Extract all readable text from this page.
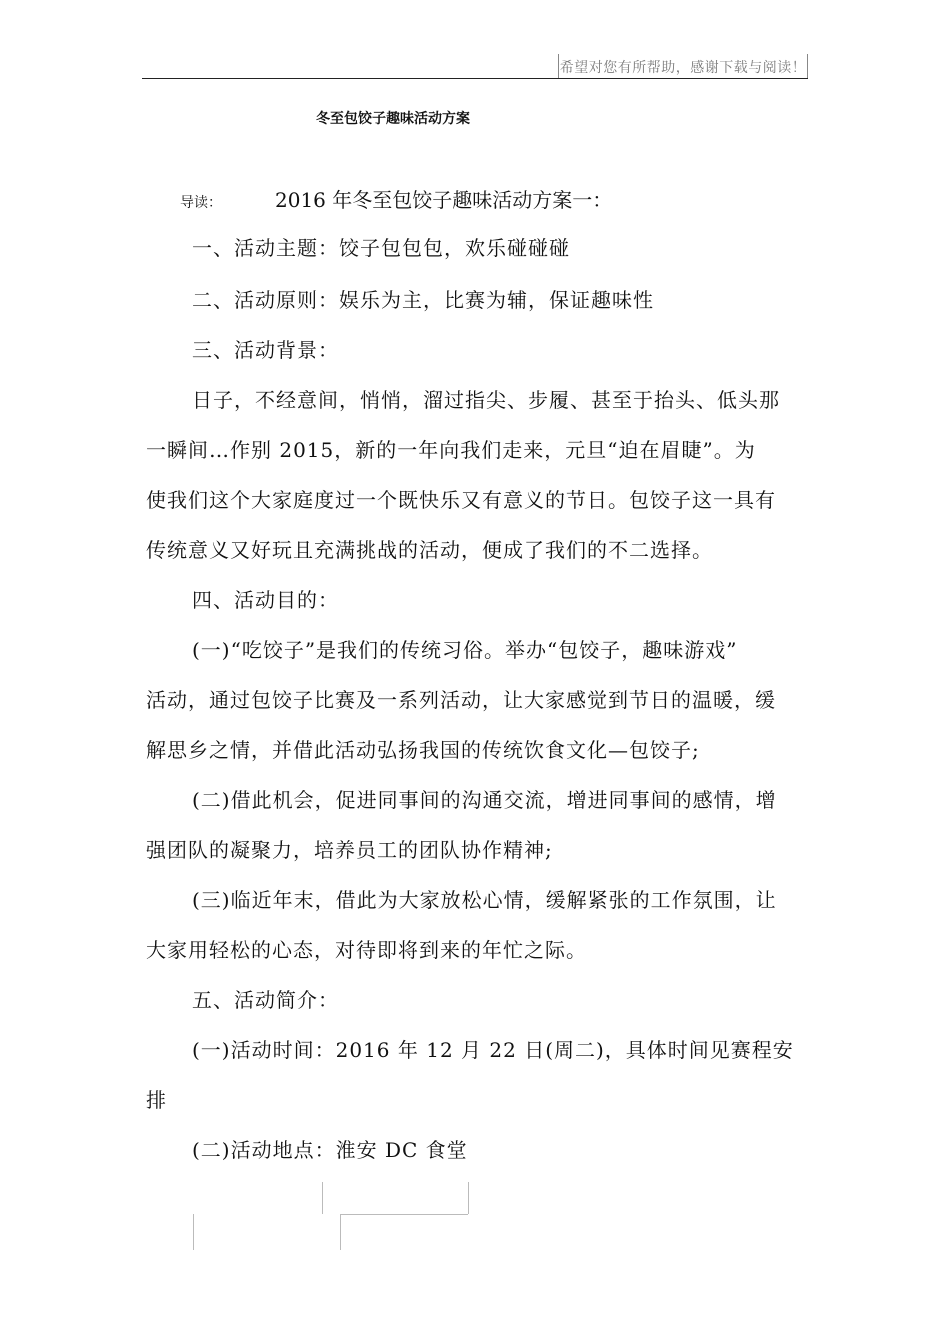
希望对您有所帮助，感谢下载与阅读！
冬至包饺子趣味活动方案
导读：	2016 年冬至包饺子趣味活动方案一：
一、活动主题：饺子包包包，欢乐碰碰碰
二、活动原则：娱乐为主，比赛为辅，保证趣味性
三、活动背景：
日子，不经意间，悄悄，溜过指尖、步履、甚至于抬头、低头那
一瞬间…作别 2015，新的一年向我们走来，元旦“迫在眉睫”。为
使我们这个大家庭度过一个既快乐又有意义的节日。包饺子这一具有
传统意义又好玩且充满挑战的活动，便成了我们的不二选择。
四、活动目的：
(一)“吃饺子”是我们的传统习俗。举办“包饺子，趣味游戏”
活动，通过包饺子比赛及一系列活动，让大家感觉到节日的温暖，缓
解思乡之情，并借此活动弘扬我国的传统饮食文化—包饺子;
(二)借此机会，促进同事间的沟通交流，增进同事间的感情，增
强团队的凝聚力，培养员工的团队协作精神;
(三)临近年末，借此为大家放松心情，缓解紧张的工作氛围，让
大家用轻松的心态，对待即将到来的年忙之际。
五、活动简介：
(一)活动时间：2016 年 12 月 22 日(周二)，具体时间见赛程安
排
(二)活动地点：淮安 DC 食堂
